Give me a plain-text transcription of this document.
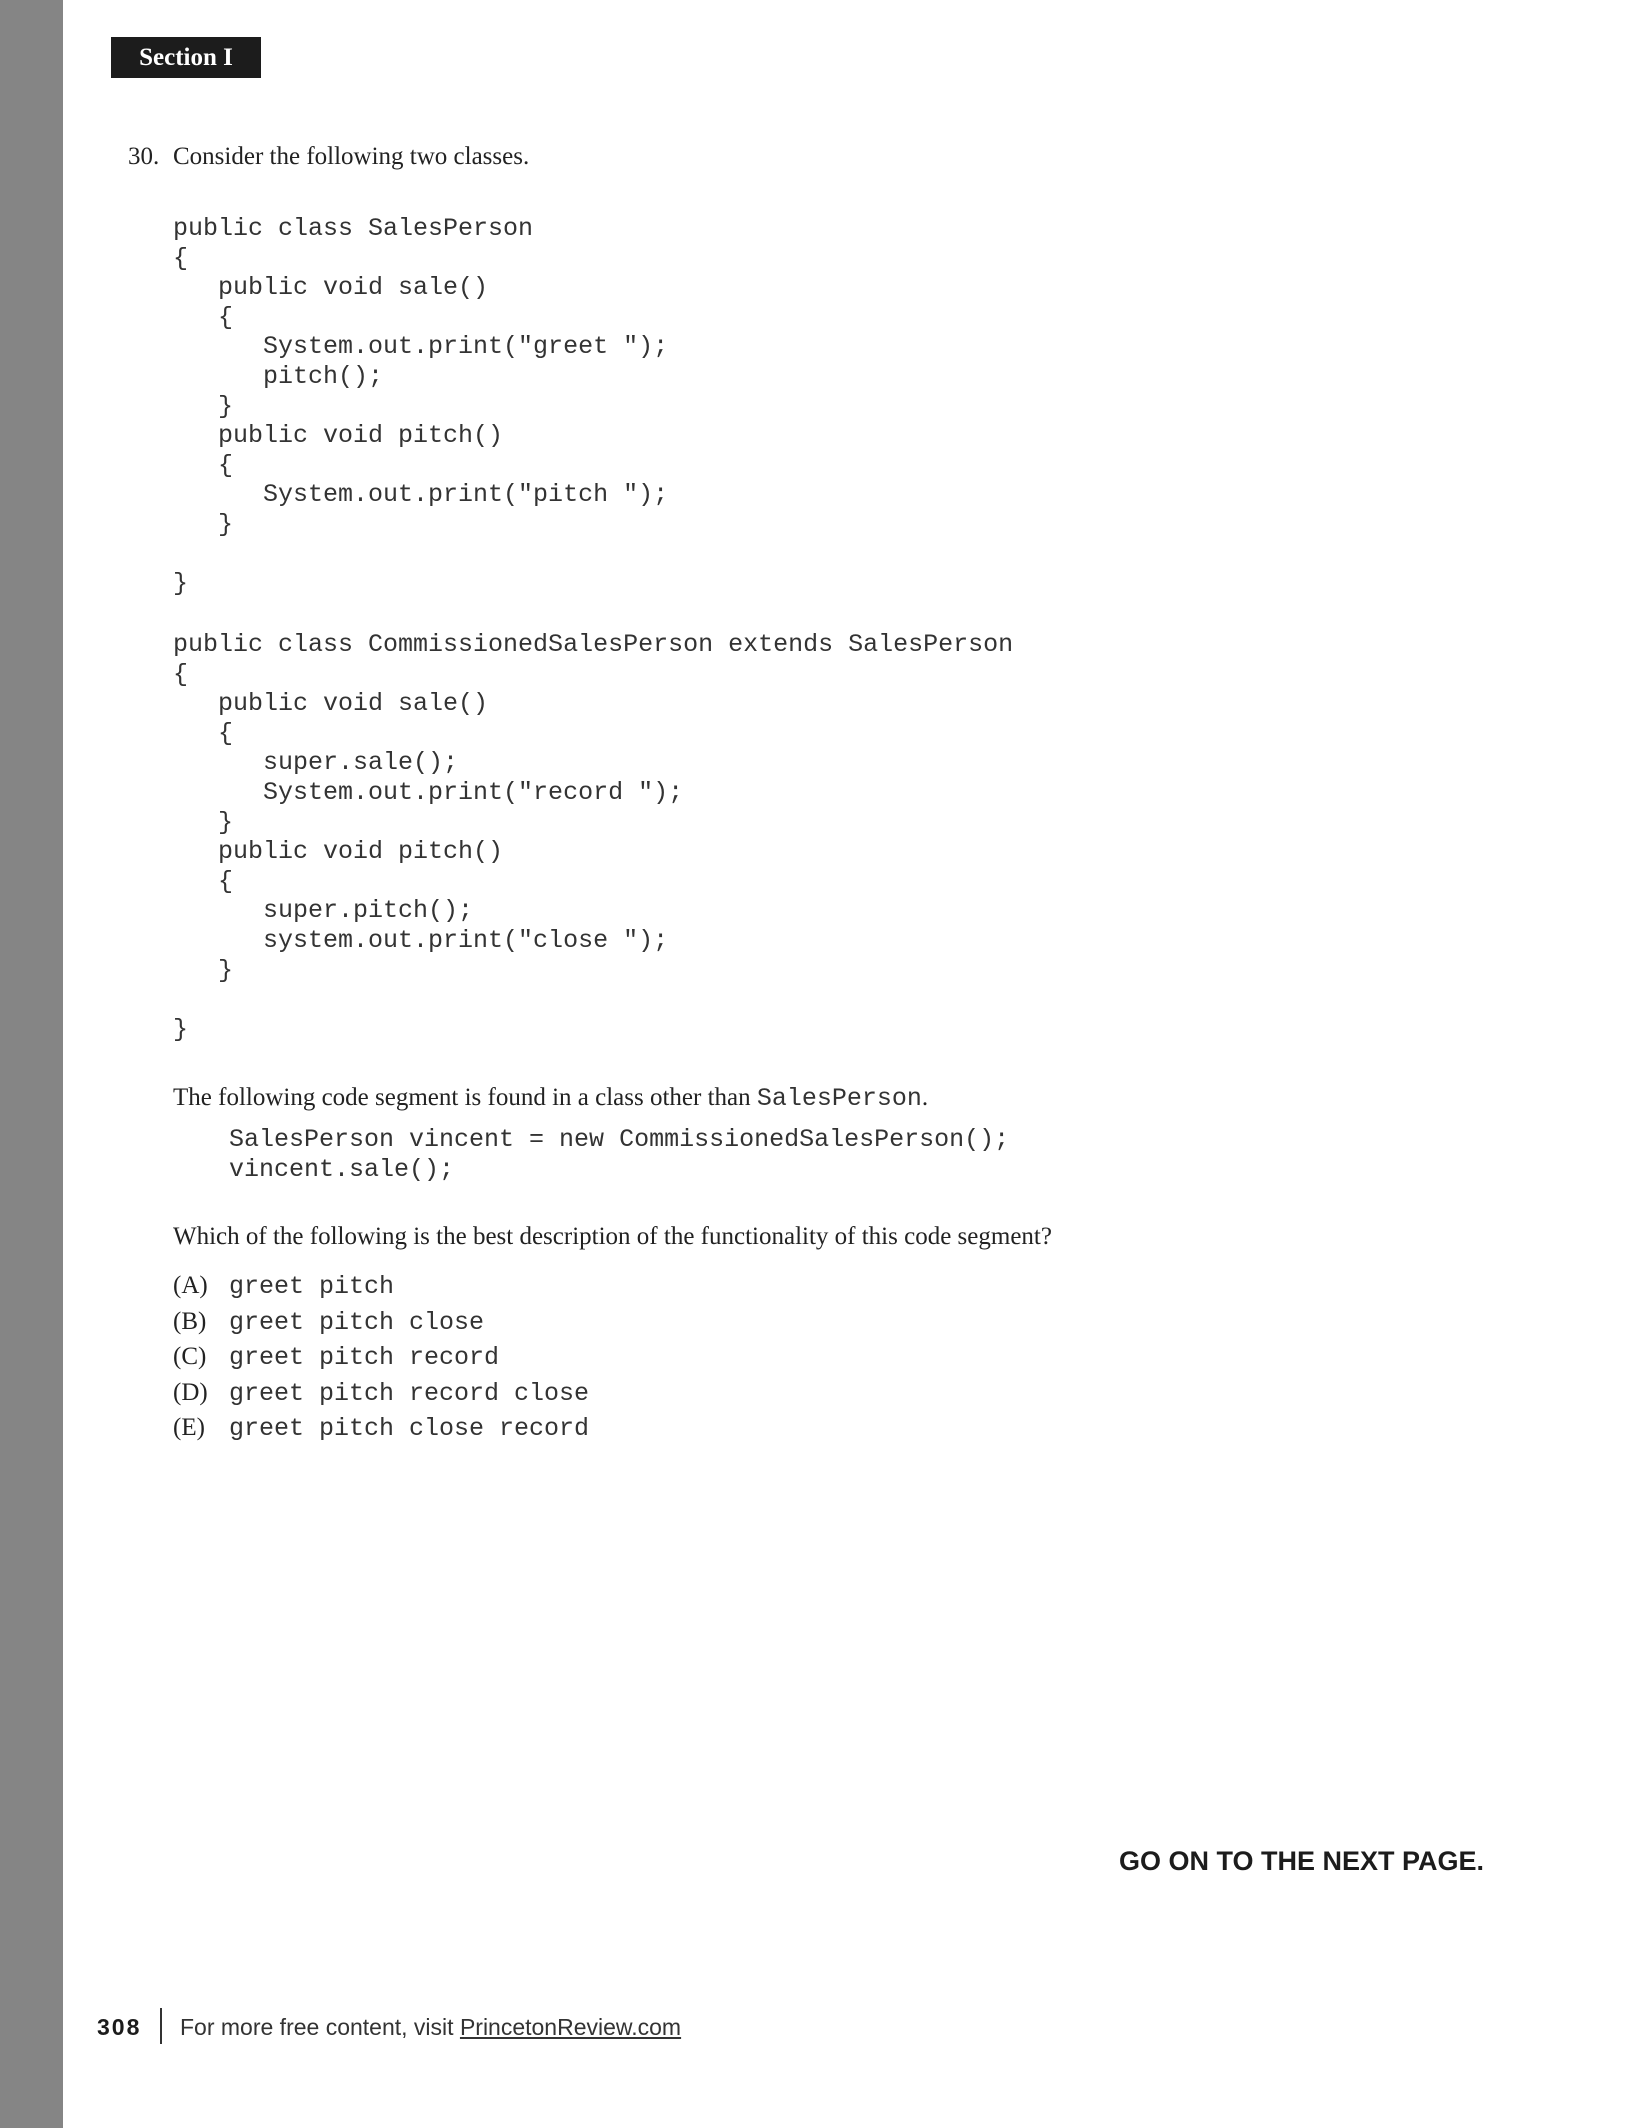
Section I
30. Consider the following two classes.
public class SalesPerson
{
public void sale()
{
System.out.print("greet ");
pitch();
}
public void pitch()
{
System.out.print("pitch ");
}
}
public class CommissionedSalesPerson extends SalesPerson
{
public void sale()
{
super.sale();
System.out.print("record ");
}
public void pitch()
{
super.pitch();
system.out.print("close ");
}
}
The following code segment is found in a class other than SalesPerson.
SalesPerson vincent = new CommissionedSalesPerson();
vincent.sale();
Which of the following is the best description of the functionality of this code segment?
(A) greet pitch
(B) greet pitch close
(C) greet pitch record
(D) greet pitch record close
(E) greet pitch close record
GO ON TO THE NEXT PAGE.
308 For more free content, visit PrincetonReview.com
